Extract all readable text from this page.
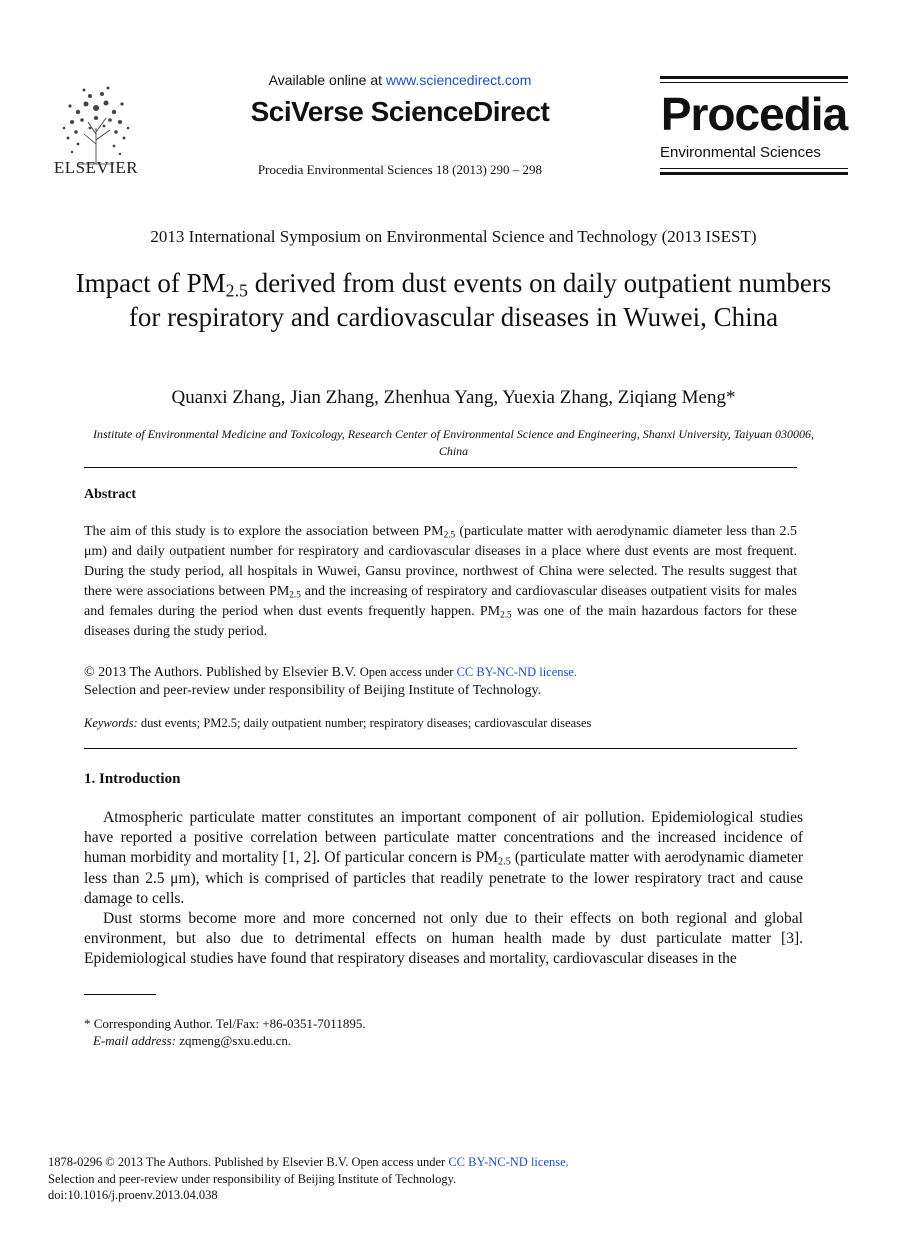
ELSEVIER
Available online at www.sciencedirect.com
SciVerse ScienceDirect
Procedia Environmental Sciences 18 (2013) 290 – 298
Procedia
Environmental Sciences
2013 International Symposium on Environmental Science and Technology (2013 ISEST)
Impact of $PM_{2.5}$ derived from dust events on daily outpatient numbers for respiratory and cardiovascular diseases in Wuwei, China
Quanxi Zhang, Jian Zhang, Zhenhua Yang, Yuexia Zhang, Ziqiang Meng*
Institute of Environmental Medicine and Toxicology, Research Center of Environmental Science and Engineering, Shanxi University, Taiyuan 030006, China
Abstract
The aim of this study is to explore the association between $PM_{2.5}$ (particulate matter with aerodynamic diameter less than 2.5 μm) and daily outpatient number for respiratory and cardiovascular diseases in a place where dust events are most frequent. During the study period, all hospitals in Wuwei, Gansu province, northwest of China were selected. The results suggest that there were associations between $PM_{2.5}$ and the increasing of respiratory and cardiovascular diseases outpatient visits for males and females during the period when dust events frequently happen. $PM_{2.5}$ was one of the main hazardous factors for these diseases during the study period.
© 2013 The Authors. Published by Elsevier B.V. Open access under CC BY-NC-ND license.
Selection and peer-review under responsibility of Beijing Institute of Technology.
Keywords: dust events; PM2.5; daily outpatient number; respiratory diseases; cardiovascular diseases
1. Introduction

Atmospheric particulate matter constitutes an important component of air pollution. Epidemiological studies have reported a positive correlation between particulate matter concentrations and the increased incidence of human morbidity and mortality [1, 2]. Of particular concern is $PM_{2.5}$ (particulate matter with aerodynamic diameter less than 2.5 μm), which is comprised of particles that readily penetrate to the lower respiratory tract and cause damage to cells.

Dust storms become more and more concerned not only due to their effects on both regional and global environment, but also due to detrimental effects on human health made by dust particulate matter [3]. Epidemiological studies have found that respiratory diseases and mortality, cardiovascular diseases in the

* Corresponding Author. Tel/Fax: +86-0351-7011895.
E-mail address: zqmeng@sxu.edu.cn.
1878-0296 © 2013 The Authors. Published by Elsevier B.V. Open access under CC BY-NC-ND license.
Selection and peer-review under responsibility of Beijing Institute of Technology.
doi:10.1016/j.proenv.2013.04.038
